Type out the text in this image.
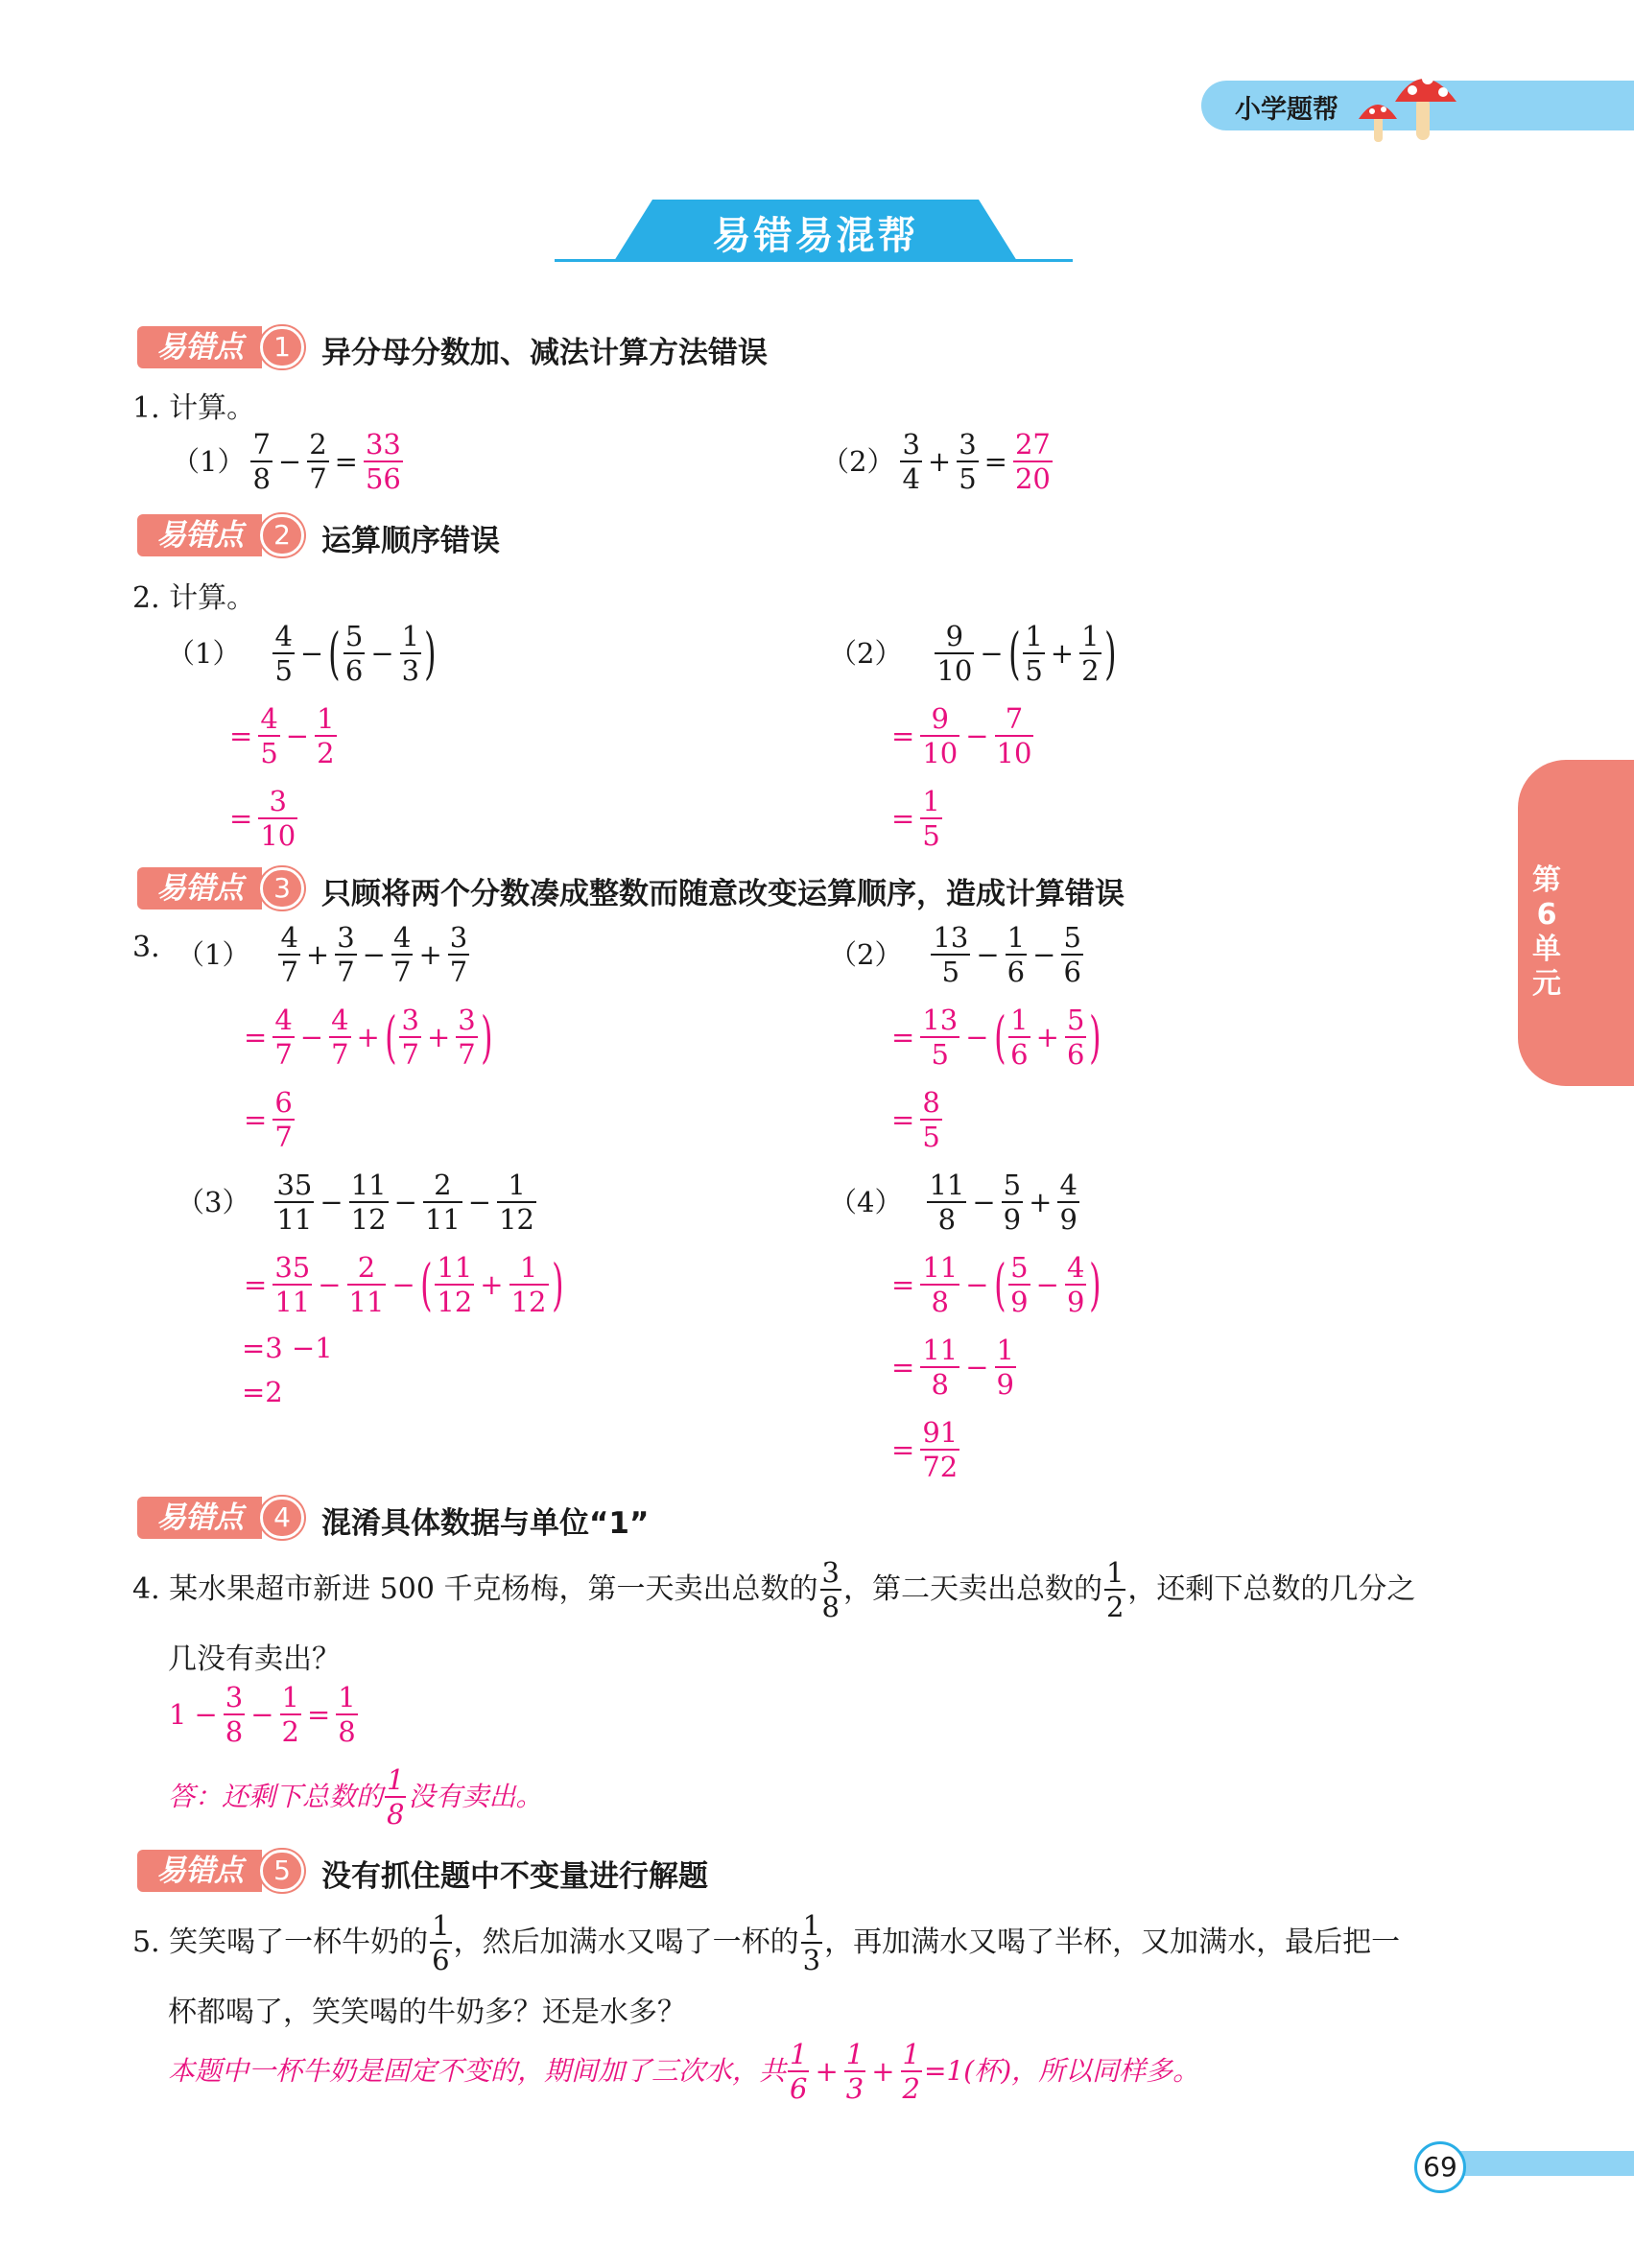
小学题帮
易错易混帮
易错点	1	异分母分数加、减法计算方法错误
1. 计算。
$(1) \frac{7}{8} - \frac{2}{7} = \frac{33}{56}$	$(2) \frac{3}{4} + \frac{3}{5} = \frac{27}{20}$
易错点	2	运算顺序错误
2. 计算。
$(1) \frac{4}{5}$ −( $\frac{5}{6} - \frac{1}{3}$ )
= $\frac{4}{5} - \frac{1}{2}$
= $\frac{3}{10}$
$(2) \frac{9}{10}$ −( $\frac{1}{5} + \frac{1}{2}$ )
= $\frac{9}{10} - \frac{7}{10}$
= $\frac{1}{5}$
易错点	3	只顾将两个分数凑成整数而随意改变运算顺序，造成计算错误
3. $(1) \frac{4}{7} + \frac{3}{7} - \frac{4}{7} + \frac{3}{7}$
= $\frac{4}{7} - \frac{4}{7}$ +( $\frac{3}{7} + \frac{3}{7}$ )
= $\frac{6}{7}$
$(2) \frac{13}{5} - \frac{1}{6} - \frac{5}{6}$
= $\frac{13}{5}$ −( $\frac{1}{6} + \frac{5}{6}$ )
= $\frac{8}{5}$
$(3) \frac{35}{11} - \frac{11}{12} - \frac{2}{11} - \frac{1}{12}$
= $\frac{35}{11} - \frac{2}{11}$ −( $\frac{11}{12} + \frac{1}{12}$ )
=3 −1
=2
$(4) \frac{11}{8} - \frac{5}{9} + \frac{4}{9}$
= $\frac{11}{8}$ −( $\frac{5}{9} - \frac{4}{9}$ )
= $\frac{11}{8} - \frac{1}{9}$
= $\frac{91}{72}$
易错点	4	混淆具体数据与单位“1”
4. 某水果超市新进 500 千克杨梅，第一天卖出总数的 $\frac{3}{8}$ ，第二天卖出总数的 $\frac{1}{2}$ ，还剩下总数的几分之
几没有卖出？
$1 - \frac{3}{8} - \frac{1}{2} = \frac{1}{8}$
答：还剩下总数的 $\frac{1}{8}$ 没有卖出。
易错点	5	没有抓住题中不变量进行解题
5. 笑笑喝了一杯牛奶的 $\frac{1}{6}$ ，然后加满水又喝了一杯的 $\frac{1}{3}$ ，再加满水又喝了半杯，又加满水，最后把一
杯都喝了，笑笑喝的牛奶多？还是水多？
本题中一杯牛奶是固定不变的，期间加了三次水，共 $\frac{1}{6} + \frac{1}{3} + \frac{1}{2} =1$(杯)，所以同样多。
第6单元
69
